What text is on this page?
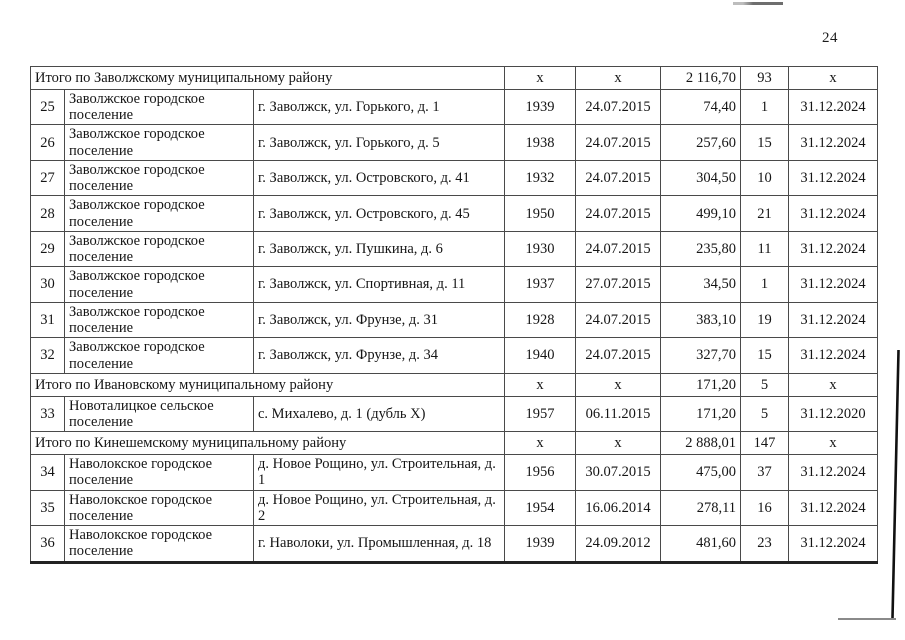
24
Итого по Заволжскому муниципальному району			x	x	2 116,70	93	x
25	Заволжское городское поселение	г. Заволжск, ул. Горького, д. 1	1939	24.07.2015	74,40	1	31.12.2024
26	Заволжское городское поселение	г. Заволжск, ул. Горького, д. 5	1938	24.07.2015	257,60	15	31.12.2024
27	Заволжское городское поселение	г. Заволжск, ул. Островского, д. 41	1932	24.07.2015	304,50	10	31.12.2024
28	Заволжское городское поселение	г. Заволжск, ул. Островского, д. 45	1950	24.07.2015	499,10	21	31.12.2024
29	Заволжское городское поселение	г. Заволжск, ул. Пушкина, д. 6	1930	24.07.2015	235,80	11	31.12.2024
30	Заволжское городское поселение	г. Заволжск, ул. Спортивная, д. 11	1937	27.07.2015	34,50	1	31.12.2024
31	Заволжское городское поселение	г. Заволжск, ул. Фрунзе, д. 31	1928	24.07.2015	383,10	19	31.12.2024
32	Заволжское городское поселение	г. Заволжск, ул. Фрунзе, д. 34	1940	24.07.2015	327,70	15	31.12.2024
Итого по Ивановскому муниципальному району			x	x	171,20	5	x
33	Новоталицкое сельское поселение	с. Михалево, д. 1 (дубль Х)	1957	06.11.2015	171,20	5	31.12.2020
Итого по Кинешемскому муниципальному району			x	x	2 888,01	147	x
34	Наволокское городское поселение	д. Новое Рощино, ул. Строительная, д. 1	1956	30.07.2015	475,00	37	31.12.2024
35	Наволокское городское поселение	д. Новое Рощино, ул. Строительная, д. 2	1954	16.06.2014	278,11	16	31.12.2024
36	Наволокское городское поселение	г. Наволоки, ул. Промышленная, д. 18	1939	24.09.2012	481,60	23	31.12.2024
